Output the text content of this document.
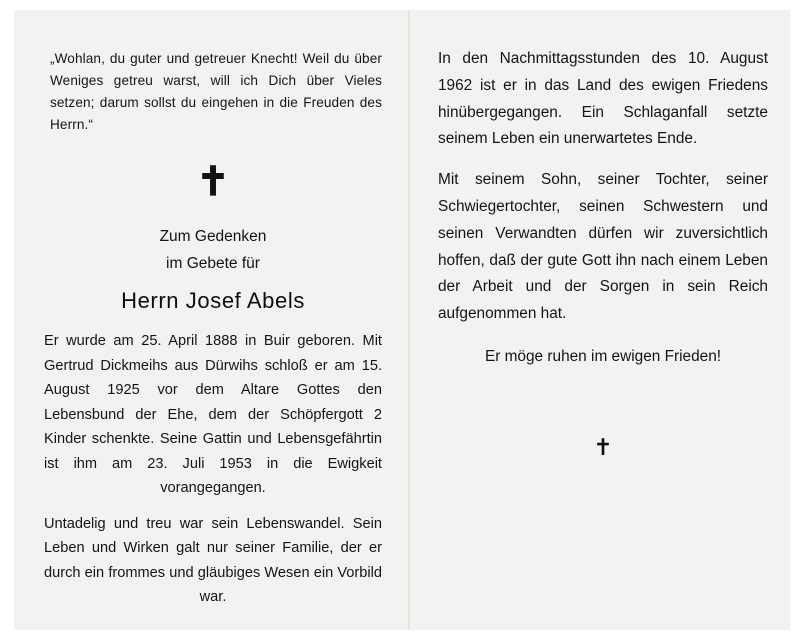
„Wohlan, du guter und getreuer Knecht! Weil du über Weniges getreu warst, will ich Dich über Vieles setzen; darum sollst du eingehen in die Freuden des Herrn.“

✝
Zum Gedenken
im Gebete für
Herrn Josef Abels

Er wurde am 25. April 1888 in Buir geboren. Mit Gertrud Dickmeihs aus Dürwihs schloß er am 15. August 1925 vor dem Altare Gottes den Lebensbund der Ehe, dem der Schöpfergott 2 Kinder schenkte. Seine Gattin und Lebensgefährtin ist ihm am 23. Juli 1953 in die Ewigkeit vorangegangen.

Untadelig und treu war sein Lebenswandel. Sein Leben und Wirken galt nur seiner Familie, der er durch ein frommes und gläubiges Wesen ein Vorbild war.

In den Nachmittagsstunden des 10. August 1962 ist er in das Land des ewigen Friedens hinübergegangen. Ein Schlaganfall setzte seinem Leben ein unerwartetes Ende.

Mit seinem Sohn, seiner Tochter, seiner Schwiegertochter, seinen Schwestern und seinen Verwandten dürfen wir zuversichtlich hoffen, daß der gute Gott ihn nach einem Leben der Arbeit und der Sorgen in sein Reich aufgenommen hat.

Er möge ruhen im ewigen Frieden!

✝
